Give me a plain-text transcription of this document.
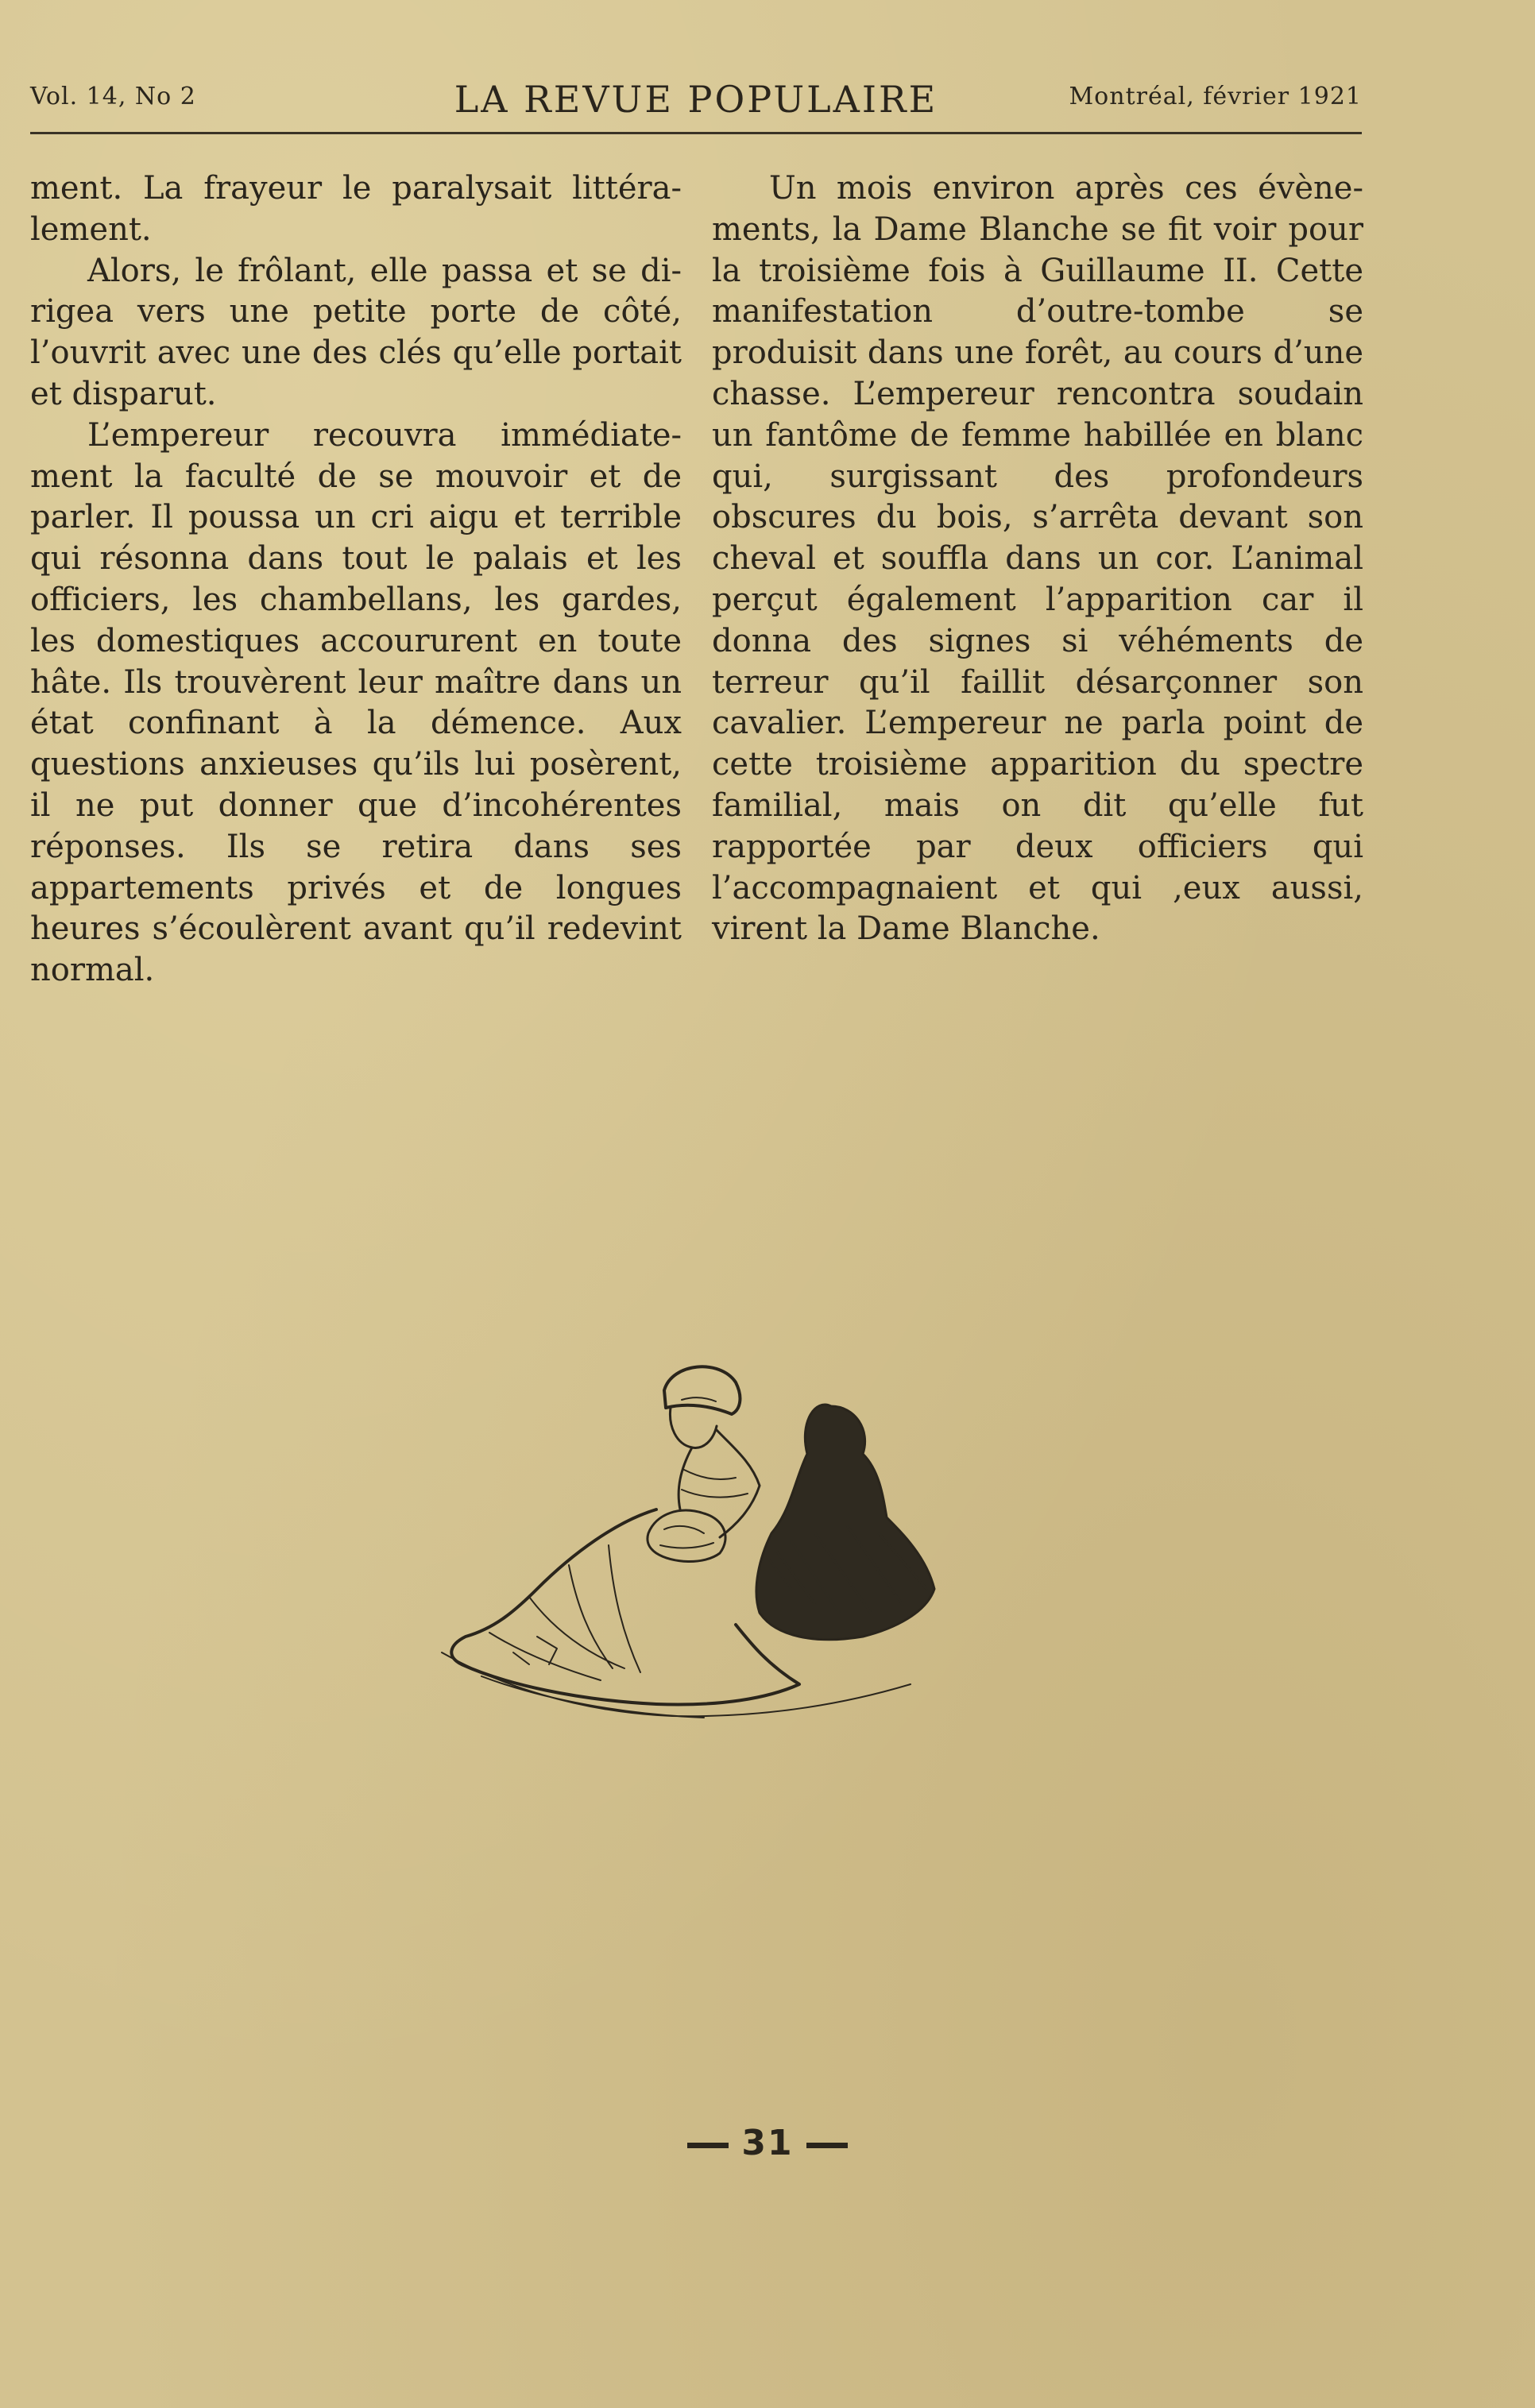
Vol. 14, No 2	LA REVUE POPULAIRE	Montréal, février 1921

ment. La frayeur le paralysait littéralement.

Alors, le frôlant, elle passa et se dirigea vers une petite porte de côté, l’ouvrit avec une des clés qu’elle portait et disparut.

L’empereur recouvra immédiatement la faculté de se mouvoir et de parler. Il poussa un cri aigu et terrible qui résonna dans tout le palais et les officiers, les chambellans, les gardes, les domestiques accoururent en toute hâte. Ils trouvèrent leur maître dans un état confinant à la démence. Aux questions anxieuses qu’ils lui posèrent, il ne put donner que d’incohérentes réponses. Ils se retira dans ses appartements privés et de longues heures s’écoulèrent avant qu’il redevint normal.

Un mois environ après ces évènements, la Dame Blanche se fit voir pour la troisième fois à Guillaume II. Cette manifestation d’outre-tombe se produisit dans une forêt, au cours d’une chasse. L’empereur rencontra soudain un fantôme de femme habillée en blanc qui, surgissant des profondeurs obscures du bois, s’arrêta devant son cheval et souffla dans un cor. L’animal perçut également l’apparition car il donna des signes si véhéments de terreur qu’il faillit désarçonner son cavalier. L’empereur ne parla point de cette troisième apparition du spectre familial, mais on dit qu’elle fut rapportée par deux officiers qui l’accompagnaient et qui ,eux aussi, virent la Dame Blanche.

31
